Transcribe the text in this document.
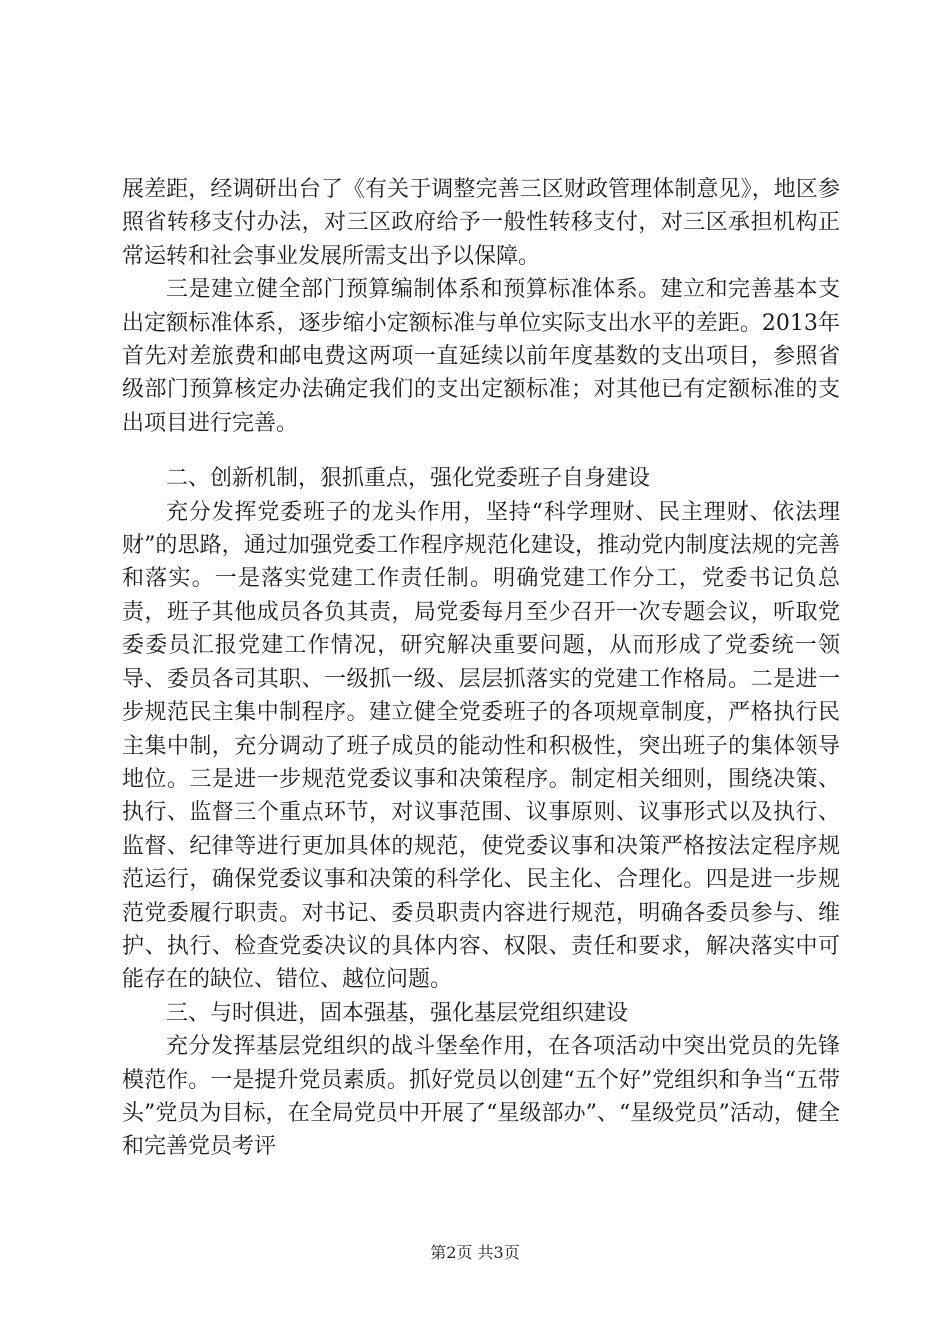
展差距，经调研出台了《有关于调整完善三区财政管理体制意见》，地区参照省转移支付办法，对三区政府给予一般性转移支付，对三区承担机构正常运转和社会事业发展所需支出予以保障。

三是建立健全部门预算编制体系和预算标准体系。建立和完善基本支出定额标准体系，逐步缩小定额标准与单位实际支出水平的差距。2013年首先对差旅费和邮电费这两项一直延续以前年度基数的支出项目，参照省级部门预算核定办法确定我们的支出定额标准；对其他已有定额标准的支出项目进行完善。

二、创新机制，狠抓重点，强化党委班子自身建设

充分发挥党委班子的龙头作用，坚持“科学理财、民主理财、依法理财”的思路，通过加强党委工作程序规范化建设，推动党内制度法规的完善和落实。一是落实党建工作责任制。明确党建工作分工，党委书记负总责，班子其他成员各负其责，局党委每月至少召开一次专题会议，听取党委委员汇报党建工作情况，研究解决重要问题，从而形成了党委统一领导、委员各司其职、一级抓一级、层层抓落实的党建工作格局。二是进一步规范民主集中制程序。建立健全党委班子的各项规章制度，严格执行民主集中制，充分调动了班子成员的能动性和积极性，突出班子的集体领导地位。三是进一步规范党委议事和决策程序。制定相关细则，围绕决策、执行、监督三个重点环节，对议事范围、议事原则、议事形式以及执行、监督、纪律等进行更加具体的规范，使党委议事和决策严格按法定程序规范运行，确保党委议事和决策的科学化、民主化、合理化。四是进一步规范党委履行职责。对书记、委员职责内容进行规范，明确各委员参与、维护、执行、检查党委决议的具体内容、权限、责任和要求，解决落实中可能存在的缺位、错位、越位问题。

三、与时俱进，固本强基，强化基层党组织建设

充分发挥基层党组织的战斗堡垒作用，在各项活动中突出党员的先锋模范作。一是提升党员素质。抓好党员以创建“五个好”党组织和争当“五带头”党员为目标，在全局党员中开展了“星级部办”、“星级党员”活动，健全和完善党员考评

第2页 共3页
